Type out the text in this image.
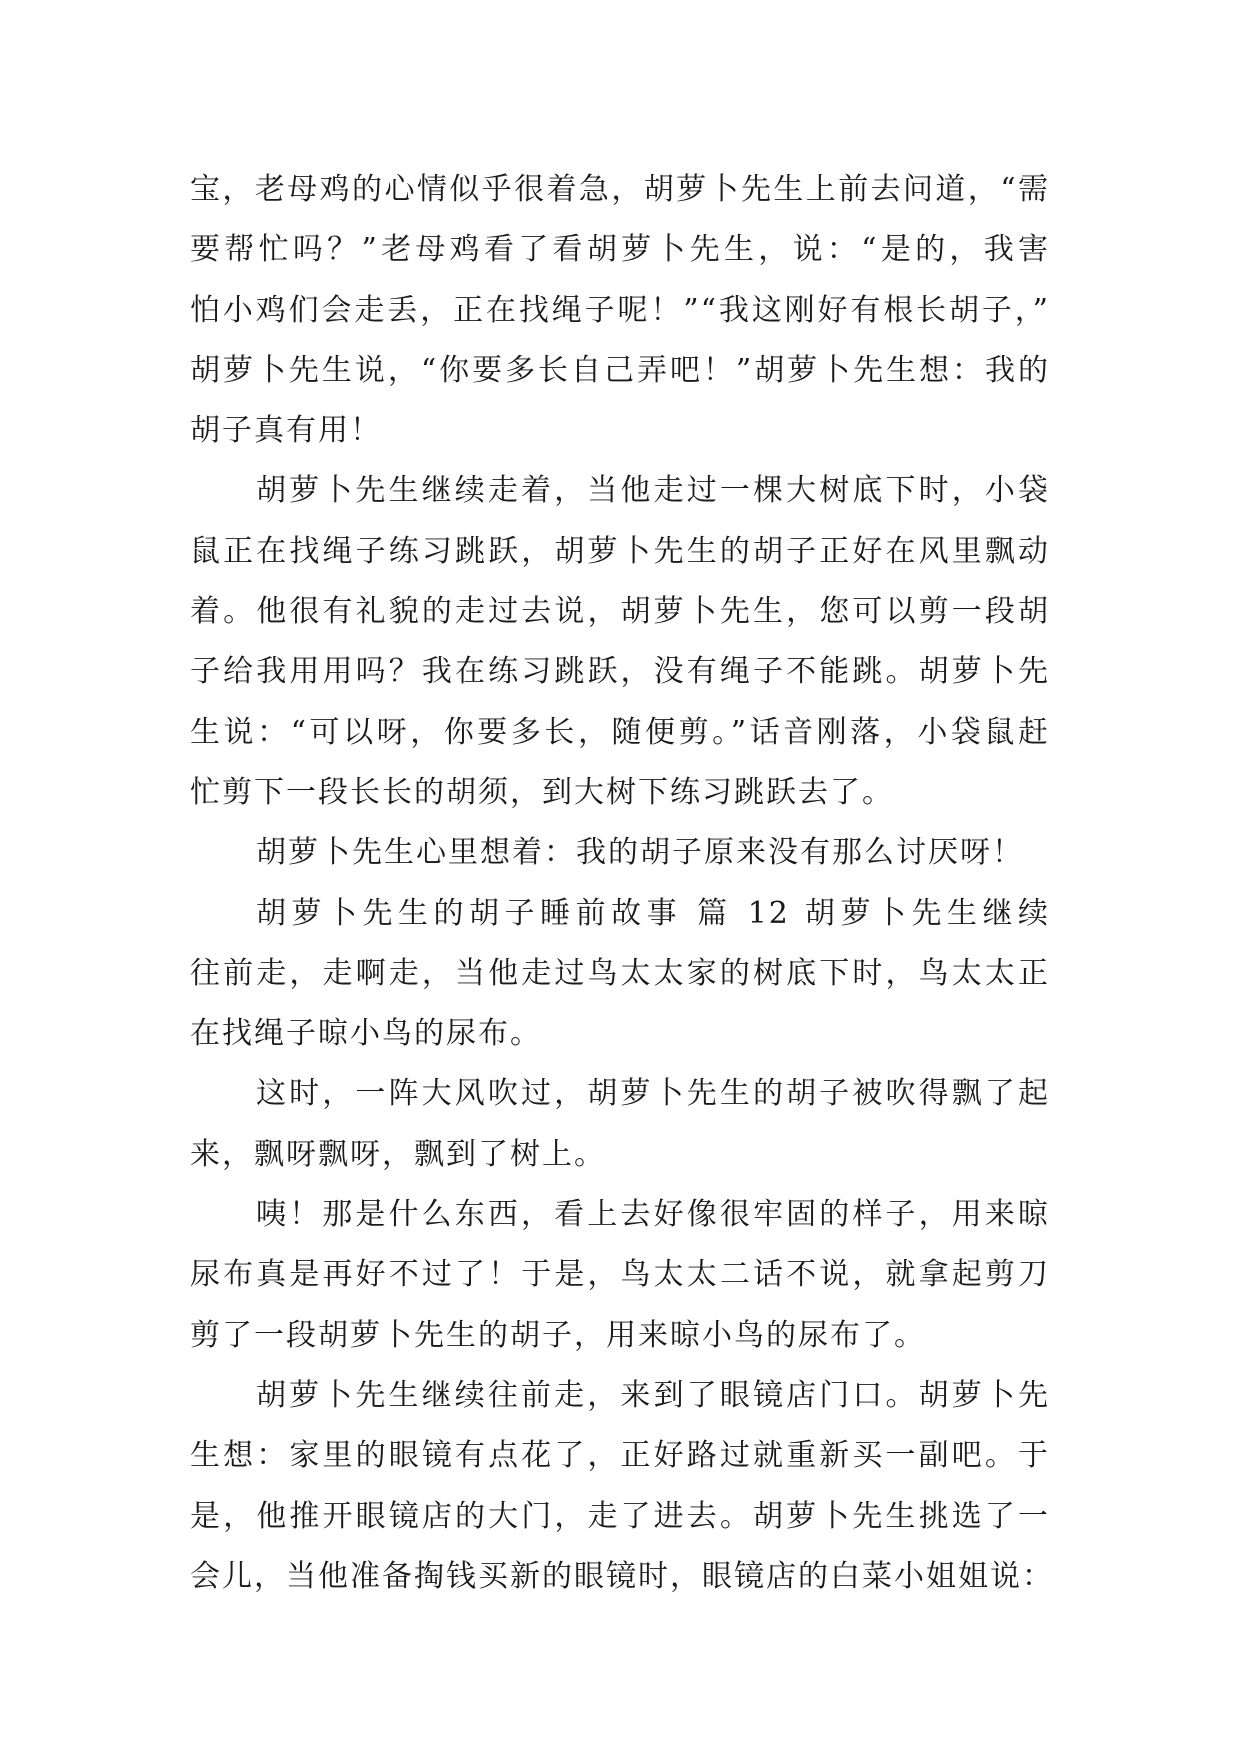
宝，老母鸡的心情似乎很着急，胡萝卜先生上前去问道，“需
要帮忙吗？”老母鸡看了看胡萝卜先生，说：“是的，我害
怕小鸡们会走丢，正在找绳子呢！”“我这刚好有根长胡子，”
胡萝卜先生说，“你要多长自己弄吧！”胡萝卜先生想：我的
胡子真有用！
胡萝卜先生继续走着，当他走过一棵大树底下时，小袋
鼠正在找绳子练习跳跃，胡萝卜先生的胡子正好在风里飘动
着。他很有礼貌的走过去说，胡萝卜先生，您可以剪一段胡
子给我用用吗？我在练习跳跃，没有绳子不能跳。胡萝卜先
生说：“可以呀，你要多长，随便剪。”话音刚落，小袋鼠赶
忙剪下一段长长的胡须，到大树下练习跳跃去了。
胡萝卜先生心里想着：我的胡子原来没有那么讨厌呀！
胡萝卜先生的胡子睡前故事 篇 12 胡萝卜先生继续
往前走，走啊走，当他走过鸟太太家的树底下时，鸟太太正
在找绳子晾小鸟的尿布。
这时，一阵大风吹过，胡萝卜先生的胡子被吹得飘了起
来，飘呀飘呀，飘到了树上。
咦！那是什么东西，看上去好像很牢固的样子，用来晾
尿布真是再好不过了！于是，鸟太太二话不说，就拿起剪刀
剪了一段胡萝卜先生的胡子，用来晾小鸟的尿布了。
胡萝卜先生继续往前走，来到了眼镜店门口。胡萝卜先
生想：家里的眼镜有点花了，正好路过就重新买一副吧。于
是，他推开眼镜店的大门，走了进去。胡萝卜先生挑选了一
会儿，当他准备掏钱买新的眼镜时，眼镜店的白菜小姐姐说：
